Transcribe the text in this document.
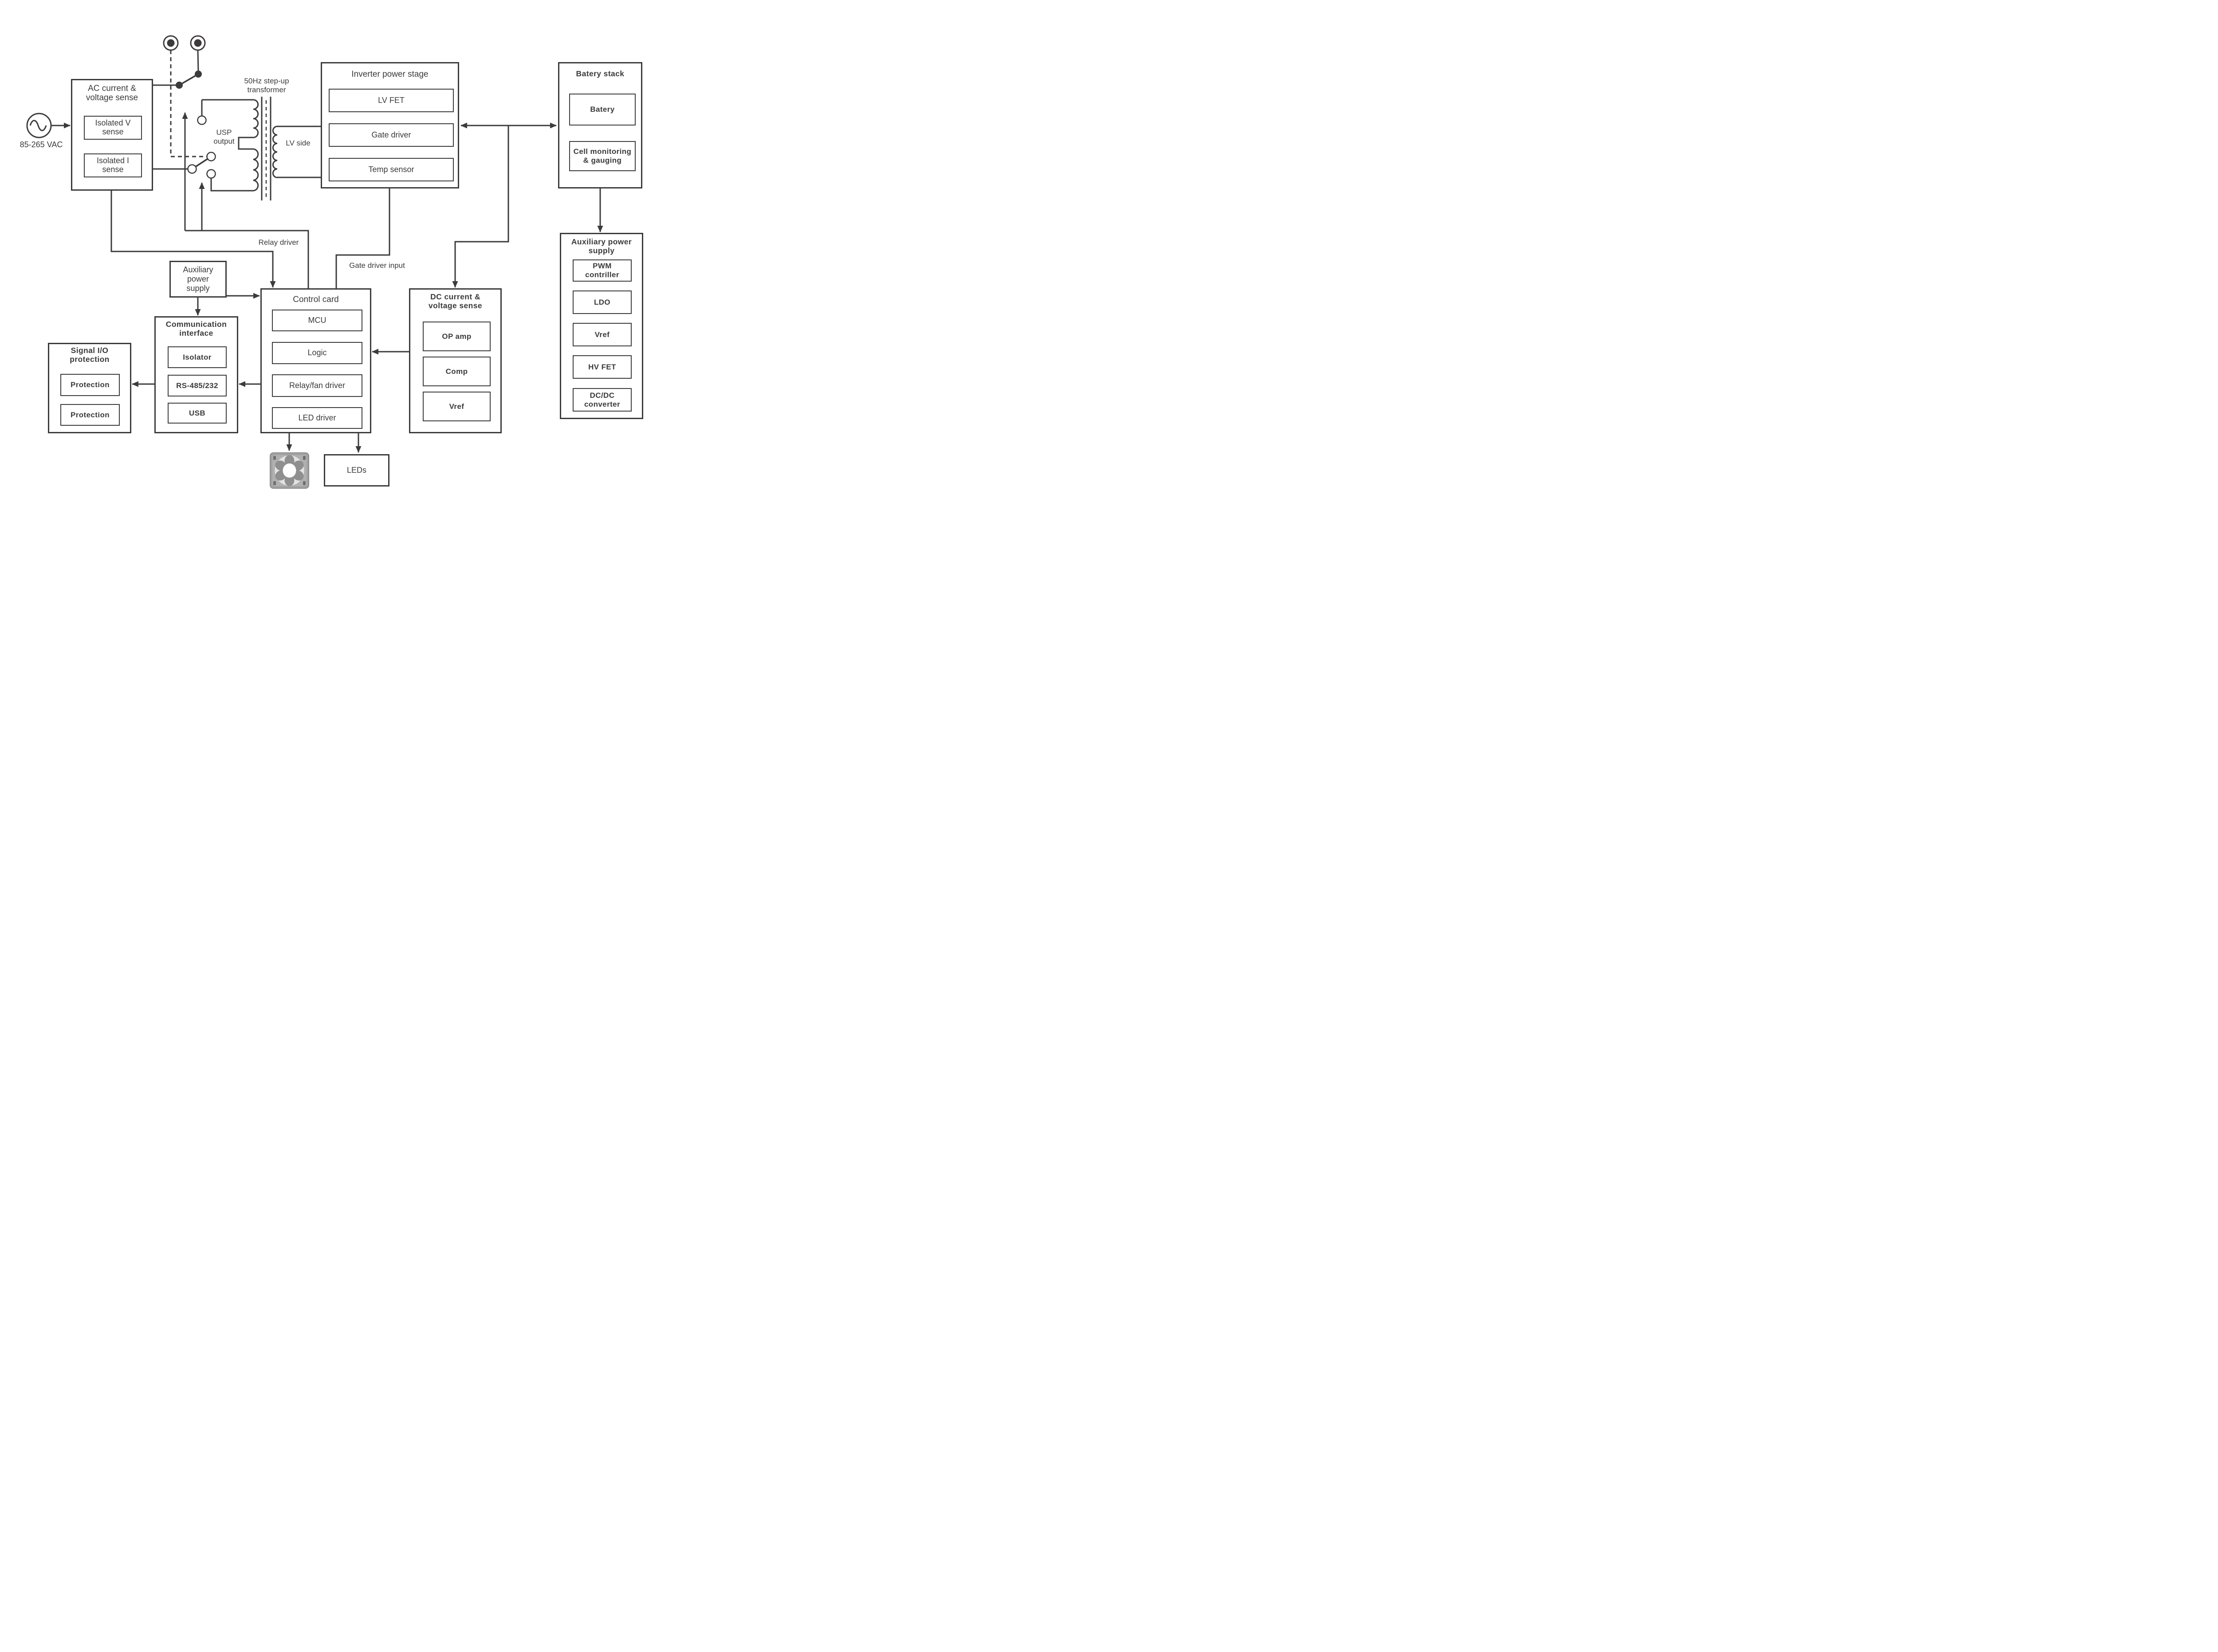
AC current & voltage sense
Isolated V sense
Isolated I sense
Inverter power stage
LV FET
Gate driver
Temp sensor
Batery stack
Batery
Cell monitoring & gauging
Auxiliary power supply
PWM contriller
LDO
Vref
HV FET
DC/DC converter
Auxiliary power supply
Control card
MCU
Logic
Relay/fan driver
LED driver
DC current & voltage sense
OP amp
Comp
Vref
Communication interface
Isolator
RS-485/232
USB
Signal I/O protection
Protection
Protection
LEDs
85-265 VAC
USP output
50Hz step-up transformer
LV side
Relay driver
Gate driver input
